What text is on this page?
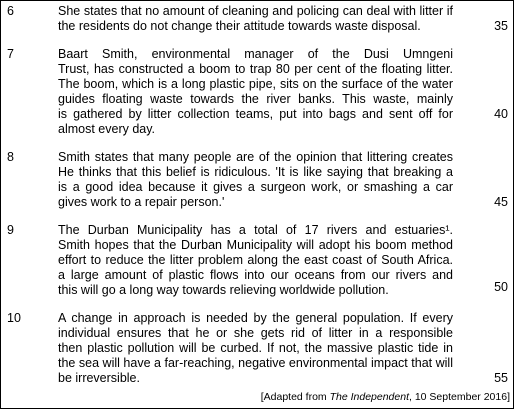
6	She states that no amount of cleaning and policing can deal with litter if
the residents do not change their attitude towards waste disposal.
7	Baart Smith, environmental manager of the Dusi Umngeni
Trust, has constructed a boom to trap 80 per cent of the floating litter.
The boom, which is a long plastic pipe, sits on the surface of the water
guides floating waste towards the river banks. This waste, mainly
is gathered by litter collection teams, put into bags and sent off for
almost every day.
8	Smith states that many people are of the opinion that littering creates
He thinks that this belief is ridiculous. 'It is like saying that breaking a
is a good idea because it gives a surgeon work, or smashing a car
gives work to a repair person.'
9	The Durban Municipality has a total of 17 rivers and estuaries¹.
Smith hopes that the Durban Municipality will adopt his boom method
effort to reduce the litter problem along the east coast of South Africa.
a large amount of plastic flows into our oceans from our rivers and
this will go a long way towards relieving worldwide pollution.
10	A change in approach is needed by the general population. If every
individual ensures that he or she gets rid of litter in a responsible
then plastic pollution will be curbed. If not, the massive plastic tide in
the sea will have a far-reaching, negative environmental impact that will
be irreversible.
35
40
45
50
55
[Adapted from The Independent, 10 September 2016]
